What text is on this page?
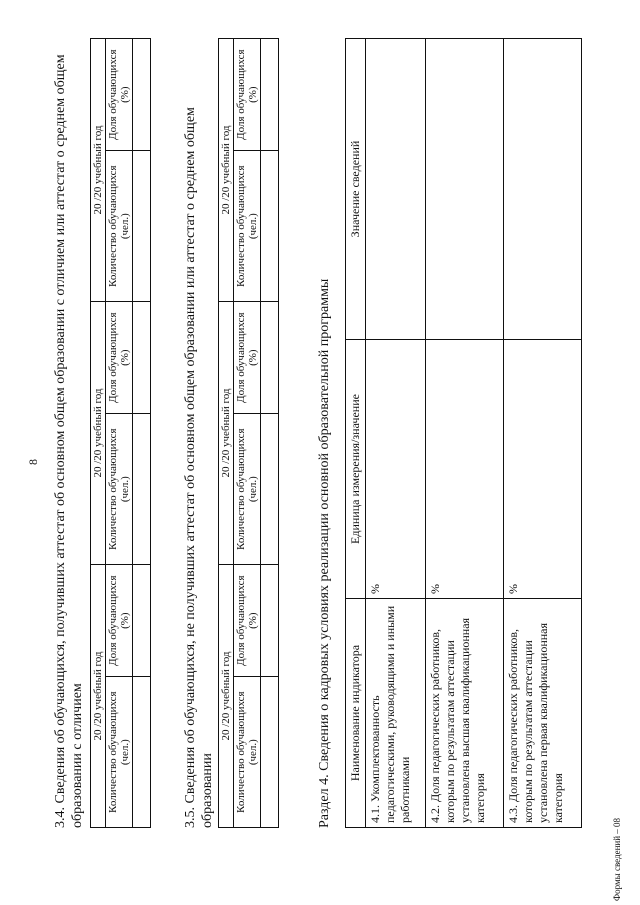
8 3.4. Сведения об обучающихся, получивших аттестат об основном общем образовании с отличием или аттестат о среднем общем образовании с отличием 20 /20 учебный год		20 /20 учебный год		20 /20 учебный год	
Количество обучающихся (чел.)	Доля обучающихся (%)	Количество обучающихся (чел.)	Доля обучающихся (%)	Количество обучающихся (чел.)	Доля обучающихся (%)

3.5. Сведения об обучающихся, не получивших аттестат об основном общем образовании или аттестат о среднем общем образовании
20 /20 учебный год		20 /20 учебный год		20 /20 учебный год	
Количество обучающихся (чел.)	Доля обучающихся (%)	Количество обучающихся (чел.)	Доля обучающихся (%)	Количество обучающихся (чел.)	Доля обучающихся (%)

Раздел 4. Сведения о кадровых условиях реализации основной образовательной программы Наименование индикатора	Единица измерения/значение	Значение сведений
4.1. Укомплектованность педагогическими, руководящими и иными работниками	%	
4.2. Доля педагогических работников, которым по результатам аттестации установлена высшая квалификационная категория	%	
4.3. Доля педагогических работников, которым по результатам аттестации установлена первая квалификационная категория	%	
Формы сведений – 08
